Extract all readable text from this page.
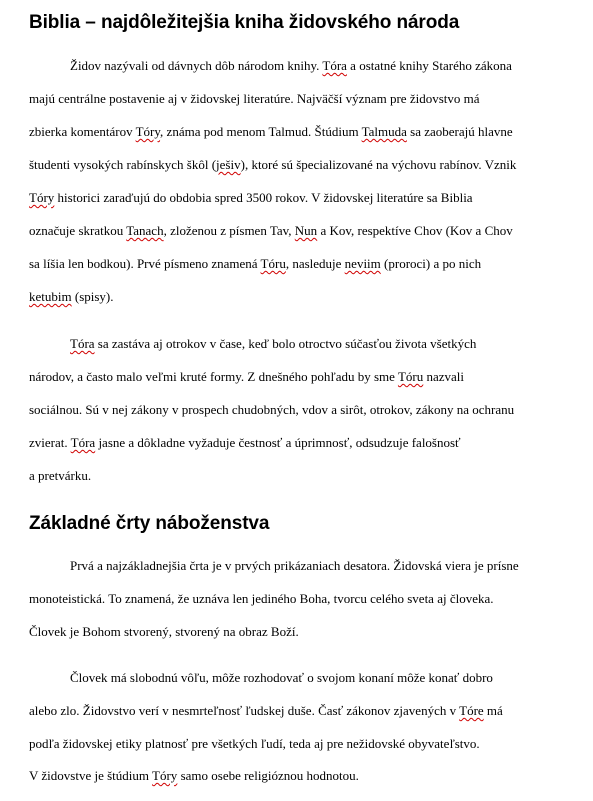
Biblia – najdôležitejšia kniha židovského národa
Židov nazývali od dávnych dôb národom knihy. Tóra a ostatné knihy Starého zákona
majú centrálne postavenie aj v židovskej literatúre. Najväčší význam pre židovstvo má
zbierka komentárov Tóry, známa pod menom Talmud. Štúdium Talmuda sa zaoberajú hlavne
študenti vysokých rabínskych škôl (ješiv), ktoré sú špecializované na výchovu rabínov. Vznik
Tóry historici zaraďujú do obdobia spred 3500 rokov. V židovskej literatúre sa Biblia
označuje skratkou Tanach, zloženou z písmen Tav, Nun a Kov, respektíve Chov (Kov a Chov
sa líšia len bodkou). Prvé písmeno znamená Tóru, nasleduje neviim (proroci) a po nich
ketubim (spisy).
Tóra sa zastáva aj otrokov v čase, keď bolo otroctvo súčasťou života všetkých
národov, a často malo veľmi kruté formy. Z dnešného pohľadu by sme Tóru nazvali
sociálnou. Sú v nej zákony v prospech chudobných, vdov a sirôt, otrokov, zákony na ochranu
zvierat. Tóra jasne a dôkladne vyžaduje čestnosť a úprimnosť, odsudzuje falošnosť
a pretvárku.
Základné črty náboženstva
Prvá a najzákladnejšia črta je v prvých prikázaniach desatora. Židovská viera je prísne
monoteistická. To znamená, že uznáva len jediného Boha, tvorcu celého sveta aj človeka.
Človek je Bohom stvorený, stvorený na obraz Boží.
Človek má slobodnú vôľu, môže rozhodovať o svojom konaní môže konať dobro
alebo zlo. Židovstvo verí v nesmrteľnosť ľudskej duše. Časť zákonov zjavených v Tóre má
podľa židovskej etiky platnosť pre všetkých ľudí, teda aj pre nežidovské obyvateľstvo.
V židovstve je štúdium Tóry samo osebe religióznou hodnotou.
